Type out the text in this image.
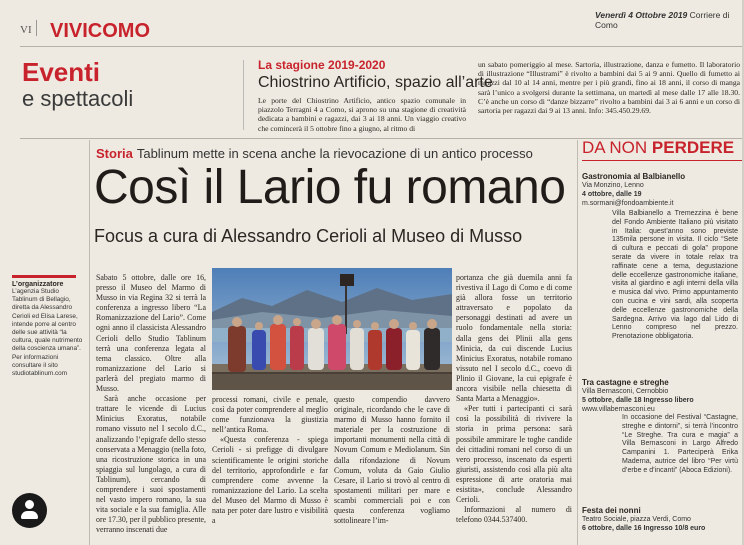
VI VIVICOMO
Venerdì 4 Ottobre 2019 Corriere di Como
Eventi
e spettacoli
La stagione 2019-2020
Chiostrino Artificio, spazio all’arte
Le porte del Chiostrino Artificio, antico spazio comunale in piazzolo Terragni 4 a Como, si aprono su una stagione di creatività dedicata a bambini e ragazzi, dai 3 ai 18 anni. Un viaggio creativo che comincerà il 5 ottobre fino a giugno, al ritmo di
un sabato pomeriggio al mese. Sartoria, illustrazione, danza e fumetto. Il laboratorio di illustrazione “Illustrami” è rivolto a bambini dai 5 ai 9 anni. Quello di fumetto ai ragazzi dal 10 al 14 anni, mentre per i più grandi, fino ai 18 anni, il corso di manga sarà l’unico a svolgersi durante la settimana, un martedì al mese dalle 17 alle 18.30. C’è anche un corso di “danze bizzarre” rivolto a bambini dai 3 ai 6 anni e un corso di sartoria per ragazzi dai 9 ai 13 anni. Info: 345.450.29.69.
L’organizzatore
L’agenzia Studio Tablinum di Bellagio, diretta da Alessandro Cerioli ed Elisa Larese, intende porre al centro delle sue attività “la cultura, quale nutrimento della coscienza umana”. Per informazioni consultare il sito studiotablinum.com
Storia Tablinum mette in scena anche la rievocazione di un antico processo
Così il Lario fu romano
Focus a cura di Alessandro Cerioli al Museo di Musso

Sabato 5 ottobre, dalle ore 16, presso il Museo del Marmo di Musso in via Regina 32 si terrà la conferenza a ingresso libero “La Romanizzazione del Lario”. Come ogni anno il classicista Alessandro Cerioli dello Studio Tablinum terrà una conferenza legata al tema classico. Oltre alla romanizzazione del Lario si parlerà del pregiato marmo di Musso.

Sarà anche occasione per trattare le vicende di Lucius Minicius Exoratus, notabile romano vissuto nel I secolo d.C., analizzando l’epigrafe dello stesso conservata a Menaggio (nella foto, una ricostruzione storica in una spiaggia sul lungolago, a cura di Tablinum), cercando di comprendere i suoi spostamenti nel vasto impero romano, la sua vita sociale e la sua famiglia. Alle ore 17.30, per il pubblico presente, verranno inscenati due

processi romani, civile e penale, così da poter comprendere al meglio come funzionava la giustizia nell’antica Roma.

«Questa conferenza - spiega Cerioli - si prefigge di divulgare scientificamente le origini storiche del territorio, approfondirle e far comprendere come avvenne la romanizzazione del Lario. La scelta del Museo del Marmo di Musso è nata per poter dare lustro e visibilità a

questo compendio davvero originale, ricordando che le cave di marmo di Musso hanno fornito il materiale per la costruzione di importanti monumenti nella città di Novum Comum e Mediolanum. Sin dalla rifondazione di Novum Comum, voluta da Gaio Giulio Cesare, il Lario si trovò al centro di spostamenti militari per mare e scambi commerciali poi e con questa conferenza vogliamo sottolineare l’im-

portanza che già duemila anni fa rivestiva il Lago di Como e di come già allora fosse un territorio attraversato e popolato da personaggi destinati ad avere un ruolo fondamentale nella storia: dalla gens dei Plinii alla gens Minicia, da cui discende Lucius Minicius Exoratus, notabile romano vissuto nel I secolo d.C., coevo di Plinio il Giovane, la cui epigrafe è ancora visibile nella chiesetta di Santa Marta a Menaggio».

«Per tutti i partecipanti ci sarà così la possibilità di rivivere la storia in prima persona: sarà possibile ammirare le toghe candide dei cittadini romani nel corso di un vero processo, inscenato da esperti giuristi, assistendo così alla più alta espressione di arte oratoria mai esistita», conclude Alessandro Cerioli.

Informazioni al numero di telefono 0344.537400.

DA NON PERDERE
Gastronomia al Balbianello
Via Monzino, Lenno
4 ottobre, dalle 19
m.sormani@fondoambiente.it
Villa Balbianello a Tremezzina è bene del Fondo Ambiente Italiano più visitato in Italia: quest’anno sono previste 135mila persone in visita. Il ciclo “Sete di cultura e peccati di gola” propone serate da vivere in totale relax tra raffinate cene a tema, degustazione delle eccellenze gastronomiche italiane, visita al giardino e agli interni della villa e musica dal vivo. Primo appuntamento con cucina e vini sardi, alla scoperta delle eccellenze gastronomiche della Sardegna. Arrivo via lago dal Lido di Lenno compreso nel prezzo. Prenotazione obbligatoria.
Tra castagne e streghe
Villa Bernasconi, Cernobbio
5 ottobre, dalle 18 Ingresso libero
www.villabernasconi.eu
In occasione del Festival “Castagne, streghe e dintorni”, si terrà l’incontro “Le Streghe. Tra cura e magia” a Villa Bernasconi in Largo Alfredo Campanini 1. Parteciperà Erika Maderna, autrice del libro “Per virtù d’erbe e d’incanti” (Aboca Edizioni).
Festa dei nonni
Teatro Sociale, piazza Verdi, Como
6 ottobre, dalle 16 Ingresso 10/8 euro
